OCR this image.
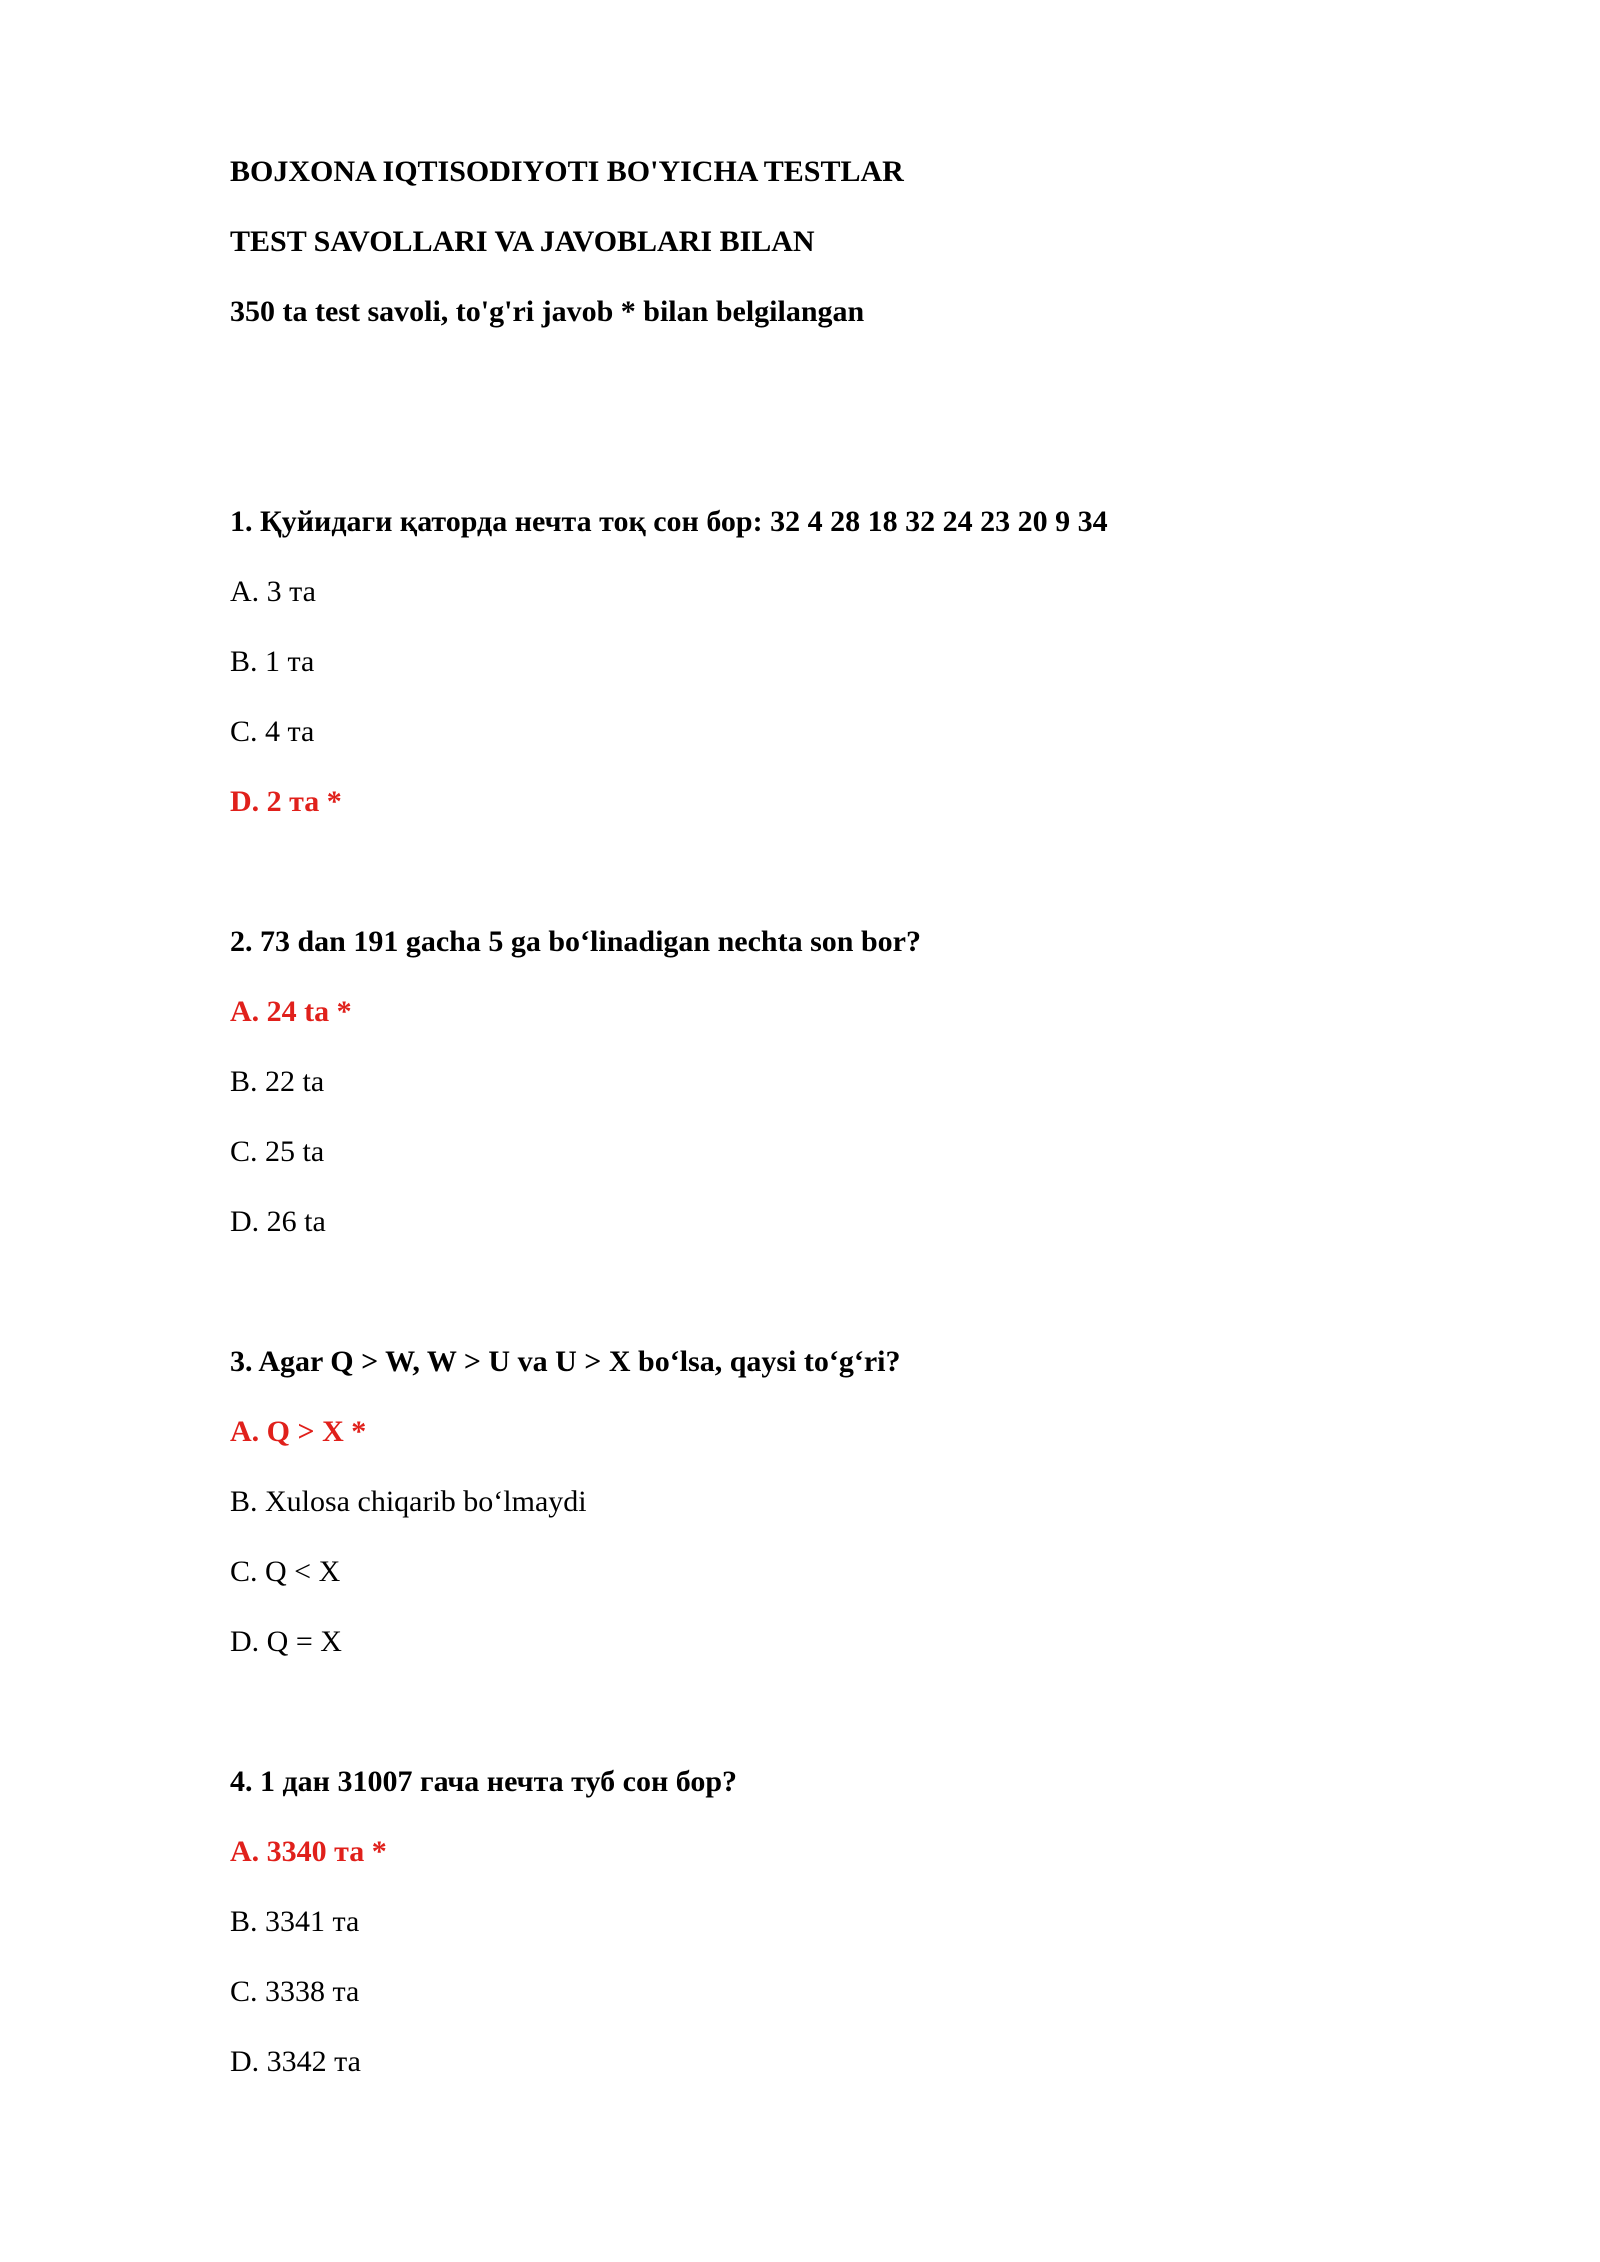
BOJXONA IQTISODIYOTI BO'YICHA TESTLAR
TEST SAVOLLARI VA JAVOBLARI BILAN
350 ta test savoli, to'g'ri javob * bilan belgilangan
1. Қуйидаги қаторда нечта тоқ сон бор: 32 4 28 18 32 24 23 20 9 34
A. 3 та
B. 1 та
C. 4 та
D. 2 та *
2. 73 dan 191 gacha 5 ga bo‘linadigan nechta son bor?
A. 24 ta *
B. 22 ta
C. 25 ta
D. 26 ta
3. Agar Q > W, W > U va U > X bo‘lsa, qaysi to‘g‘ri?
A. Q > X *
B. Xulosa chiqarib bo‘lmaydi
C. Q < X
D. Q = X
4. 1 дан 31007 гача нечта туб сон бор?
A. 3340 та *
B. 3341 та
C. 3338 та
D. 3342 та
